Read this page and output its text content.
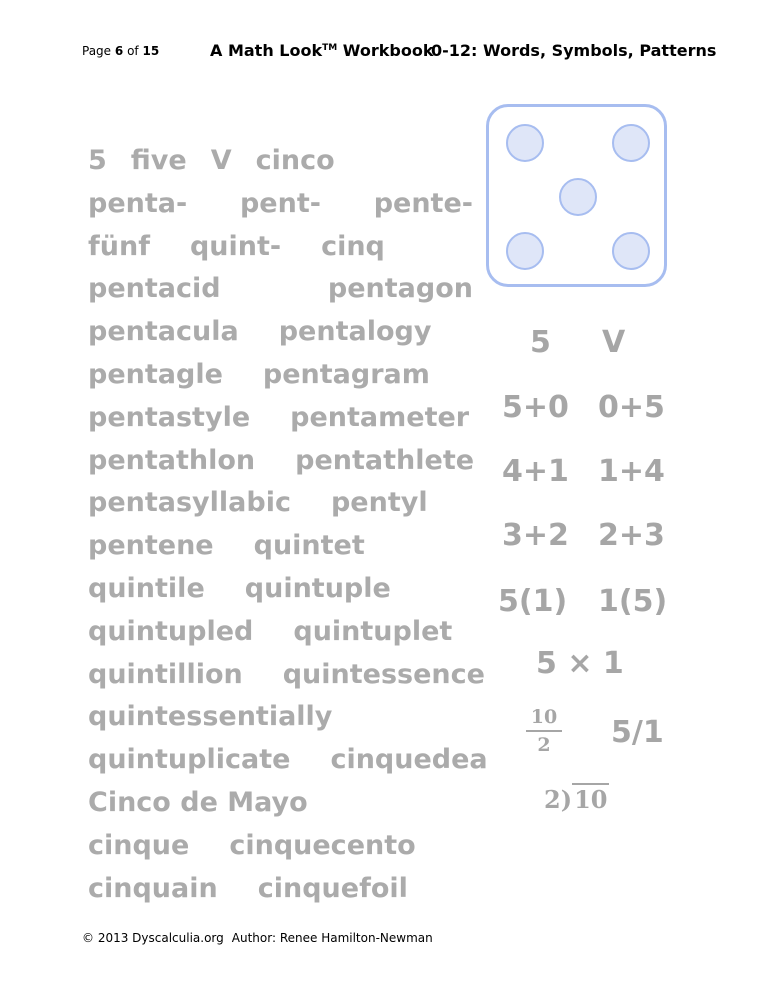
Page 6 of 15	A Math Look™ Workbook
0-12: Words, Symbols, Patterns
5 five V cinco
penta- pent- pente-
fünf quint- cinq
pentacid	pentagon
pentacula pentalogy
pentagle pentagram
pentastyle pentameter
pentathlon pentathlete
pentasyllabic pentyl
pentene quintet
quintile quintuple
quintupled quintuplet
quintillion quintessence
quintessentially
quintuplicate cinquedea
Cinco de Mayo
cinque cinquecento
cinquain cinquefoil
5 V
5+0 0+5
4+1 1+4
3+2 2+3
5(1) 1(5)
5 × 1
$\frac{10}{2} 5/1$
2)10
© 2013 Dyscalculia.org Author: Renee Hamilton-Newman
